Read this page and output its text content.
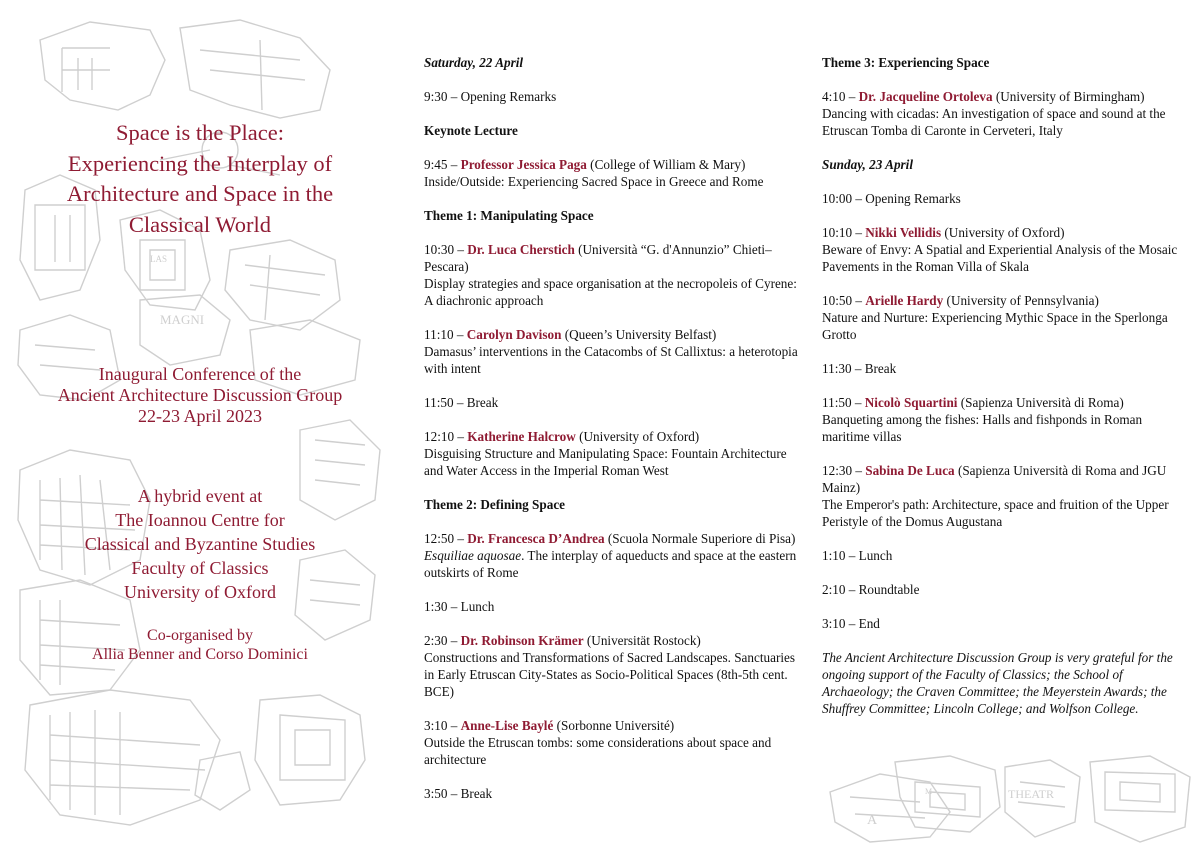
MAGNI
LAS
A
M	THEATR
Space is the Place:
Experiencing the Interplay of
Architecture and Space in the
Classical World
Inaugural Conference of the
Ancient Architecture Discussion Group
22-23 April 2023
A hybrid event at
The Ioannou Centre for
Classical and Byzantine Studies
Faculty of Classics
University of Oxford
Co-organised by
Allia Benner and Corso Dominici

Saturday, 22 April

9:30 – Opening Remarks

Keynote Lecture

9:45 – Professor Jessica Paga (College of William & Mary)
Inside/Outside: Experiencing Sacred Space in Greece and Rome

Theme 1: Manipulating Space

10:30 – Dr. Luca Cherstich (Università “G. d'Annunzio” Chieti–Pescara)
Display strategies and space organisation at the necropoleis of Cyrene: A diachronic approach

11:10 – Carolyn Davison (Queen’s University Belfast)
Damasus’ interventions in the Catacombs of St Callixtus: a heterotopia with intent

11:50 – Break

12:10 – Katherine Halcrow (University of Oxford)
Disguising Structure and Manipulating Space: Fountain Architecture and Water Access in the Imperial Roman West

Theme 2: Defining Space

12:50 – Dr. Francesca D’Andrea (Scuola Normale Superiore di Pisa)
Esquiliae aquosae. The interplay of aqueducts and space at the eastern outskirts of Rome

1:30 – Lunch

2:30 – Dr. Robinson Krämer (Universität Rostock)
Constructions and Transformations of Sacred Landscapes. Sanctuaries in Early Etruscan City-States as Socio-Political Spaces (8th-5th cent. BCE)

3:10 – Anne-Lise Baylé (Sorbonne Université)
Outside the Etruscan tombs: some considerations about space and architecture

3:50 – Break

Theme 3: Experiencing Space

4:10 – Dr. Jacqueline Ortoleva (University of Birmingham)
Dancing with cicadas: An investigation of space and sound at the Etruscan Tomba di Caronte in Cerveteri, Italy

Sunday, 23 April

10:00 – Opening Remarks

10:10 – Nikki Vellidis (University of Oxford)
Beware of Envy: A Spatial and Experiential Analysis of the Mosaic Pavements in the Roman Villa of Skala

10:50 – Arielle Hardy (University of Pennsylvania)
Nature and Nurture: Experiencing Mythic Space in the Sperlonga Grotto

11:30 – Break

11:50 – Nicolò Squartini (Sapienza Università di Roma)
Banqueting among the fishes: Halls and fishponds in Roman maritime villas

12:30 – Sabina De Luca (Sapienza Università di Roma and JGU Mainz)
The Emperor's path: Architecture, space and fruition of the Upper Peristyle of the Domus Augustana

1:10 – Lunch

2:10 – Roundtable

3:10 – End

The Ancient Architecture Discussion Group is very grateful for the ongoing support of the Faculty of Classics; the School of Archaeology; the Craven Committee; the Meyerstein Awards; the Shuffrey Committee; Lincoln College; and Wolfson College.
